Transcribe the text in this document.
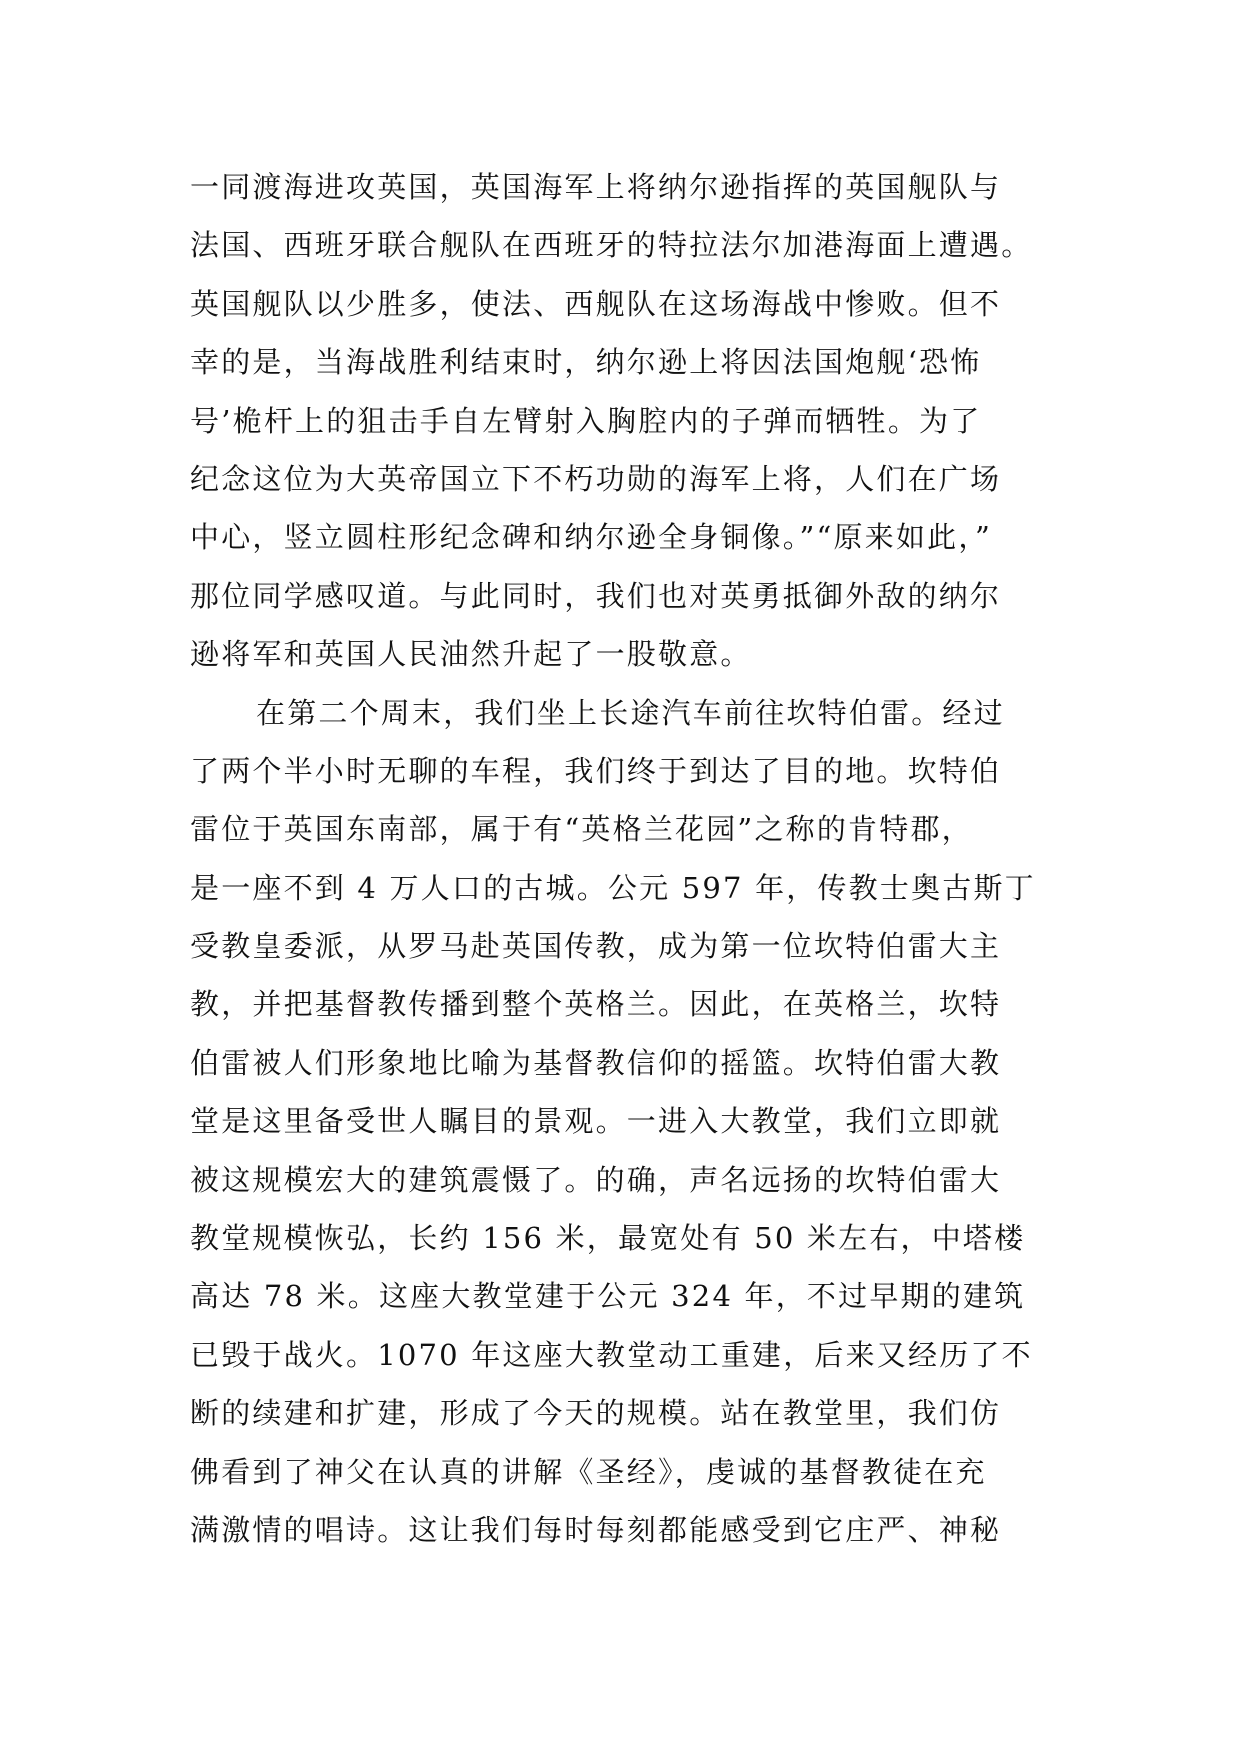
一同渡海进攻英国，英国海军上将纳尔逊指挥的英国舰队与
法国、西班牙联合舰队在西班牙的特拉法尔加港海面上遭遇。
英国舰队以少胜多，使法、西舰队在这场海战中惨败。但不
幸的是，当海战胜利结束时，纳尔逊上将因法国炮舰‘恐怖
号’桅杆上的狙击手自左臂射入胸腔内的子弹而牺牲。为了
纪念这位为大英帝国立下不朽功勋的海军上将，人们在广场
中心，竖立圆柱形纪念碑和纳尔逊全身铜像。”“原来如此，”
那位同学感叹道。与此同时，我们也对英勇抵御外敌的纳尔
逊将军和英国人民油然升起了一股敬意。
在第二个周末，我们坐上长途汽车前往坎特伯雷。经过
了两个半小时无聊的车程，我们终于到达了目的地。坎特伯
雷位于英国东南部，属于有“英格兰花园”之称的肯特郡，
是一座不到 4 万人口的古城。公元 597 年，传教士奥古斯丁
受教皇委派，从罗马赴英国传教，成为第一位坎特伯雷大主
教，并把基督教传播到整个英格兰。因此，在英格兰，坎特
伯雷被人们形象地比喻为基督教信仰的摇篮。坎特伯雷大教
堂是这里备受世人瞩目的景观。一进入大教堂，我们立即就
被这规模宏大的建筑震慑了。的确，声名远扬的坎特伯雷大
教堂规模恢弘，长约 156 米，最宽处有 50 米左右，中塔楼
高达 78 米。这座大教堂建于公元 324 年，不过早期的建筑
已毁于战火。1070 年这座大教堂动工重建，后来又经历了不
断的续建和扩建，形成了今天的规模。站在教堂里，我们仿
佛看到了神父在认真的讲解《圣经》，虔诚的基督教徒在充
满激情的唱诗。这让我们每时每刻都能感受到它庄严、神秘
